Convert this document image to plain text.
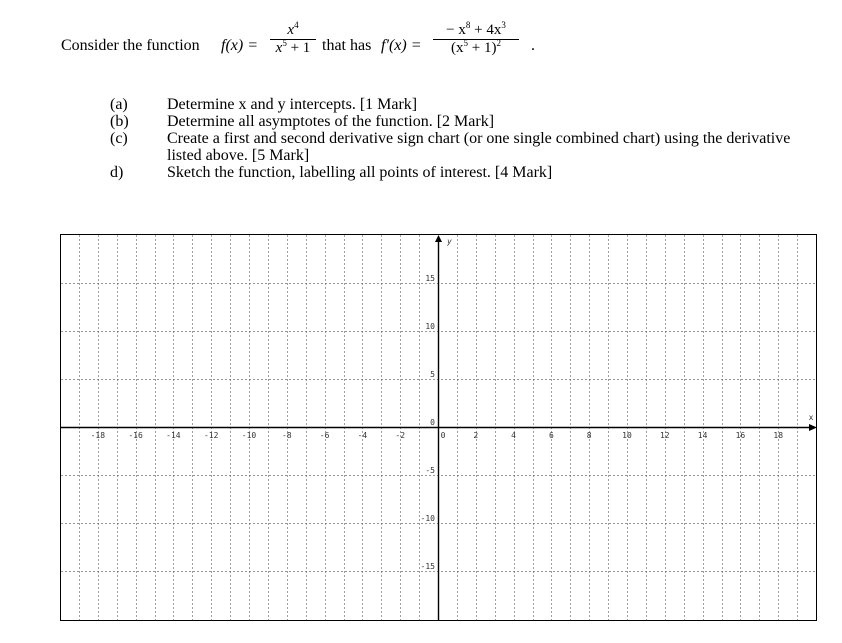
Consider the function f(x) =
$x^4$
$x^5 + 1$ that has f′(x) =
− $x^8 + 4x^3$
$(x^5 + 1)^2$	.
(a)	Determine x and y intercepts. [1 Mark]
(b)	Determine all asymptotes of the function. [2 Mark]
(c)	Create a first and second derivative sign chart (or one single combined chart) using the derivative listed above. [5 Mark]
d)	Sketch the function, labelling all points of interest. [4 Mark]
x
y
-18	-16	-14	-12	-10	-8	-6	-4	-2	0	2	4	6	8	10	12	14	16	18
15
10
5
0
-5
-10
-15
